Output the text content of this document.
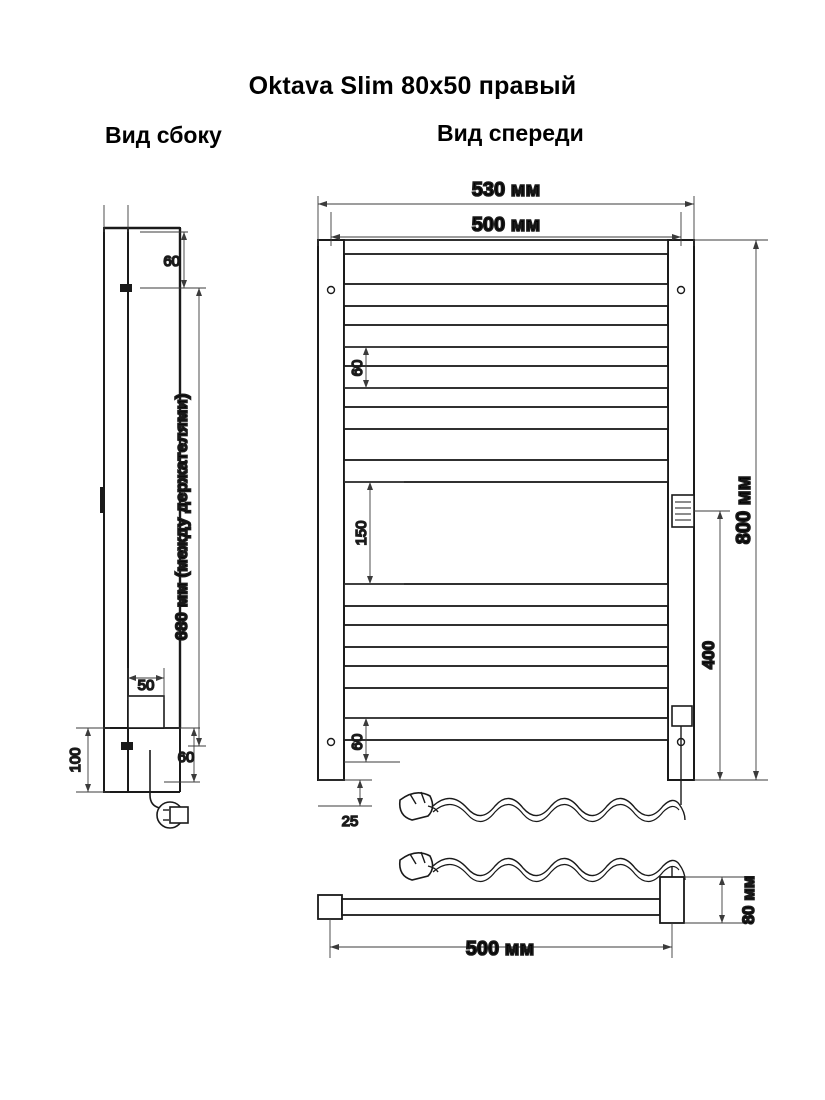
Oktava Slim 80x50 правый
Вид сбоку	Вид спереди
60
680 мм (между держателями)
50
100	60
530 мм
500 мм
60
150
60
25
400
800 мм
80 мм
500 мм
